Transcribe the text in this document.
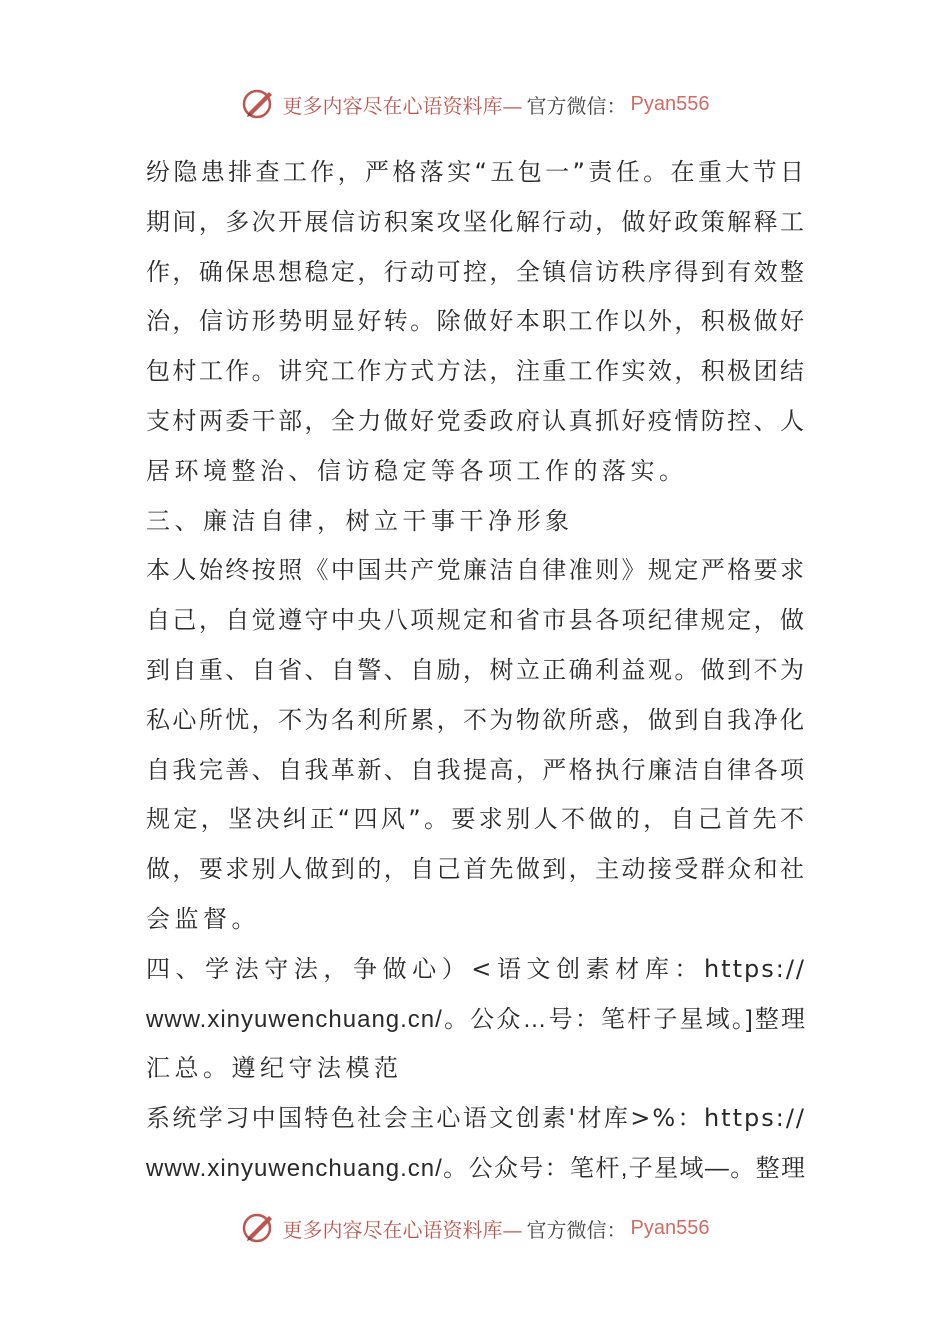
更多内容尽在心语资料库— 官方微信： Pyan556
纷隐患排查工作，严格落实“五包一”责任。在重大节日
期间，多次开展信访积案攻坚化解行动，做好政策解释工
作，确保思想稳定，行动可控，全镇信访秩序得到有效整
治，信访形势明显好转。除做好本职工作以外，积极做好
包村工作。讲究工作方式方法，注重工作实效，积极团结
支村两委干部，全力做好党委政府认真抓好疫情防控、人
居环境整治、信访稳定等各项工作的落实。
三、廉洁自律，树立干事干净形象
本人始终按照《中国共产党廉洁自律准则》规定严格要求
自己，自觉遵守中央八项规定和省市县各项纪律规定，做
到自重、自省、自警、自励，树立正确利益观。做到不为
私心所忧，不为名利所累，不为物欲所惑，做到自我净化
自我完善、自我革新、自我提高，严格执行廉洁自律各项
规定，坚决纠正“四风”。要求别人不做的，自己首先不
做，要求别人做到的，自己首先做到，主动接受群众和社
会监督。
四、学法守法，争做心）<语文创素材库：https://
www.xinyuwenchuang.cn/。公众…号：笔杆子星域。]整理
汇总。遵纪守法模范
系统学习中国特色社会主心语文创素'材库>%：https://
www.xinyuwenchuang.cn/。公众号：笔杆,子星域—。整理
更多内容尽在心语资料库— 官方微信： Pyan556
